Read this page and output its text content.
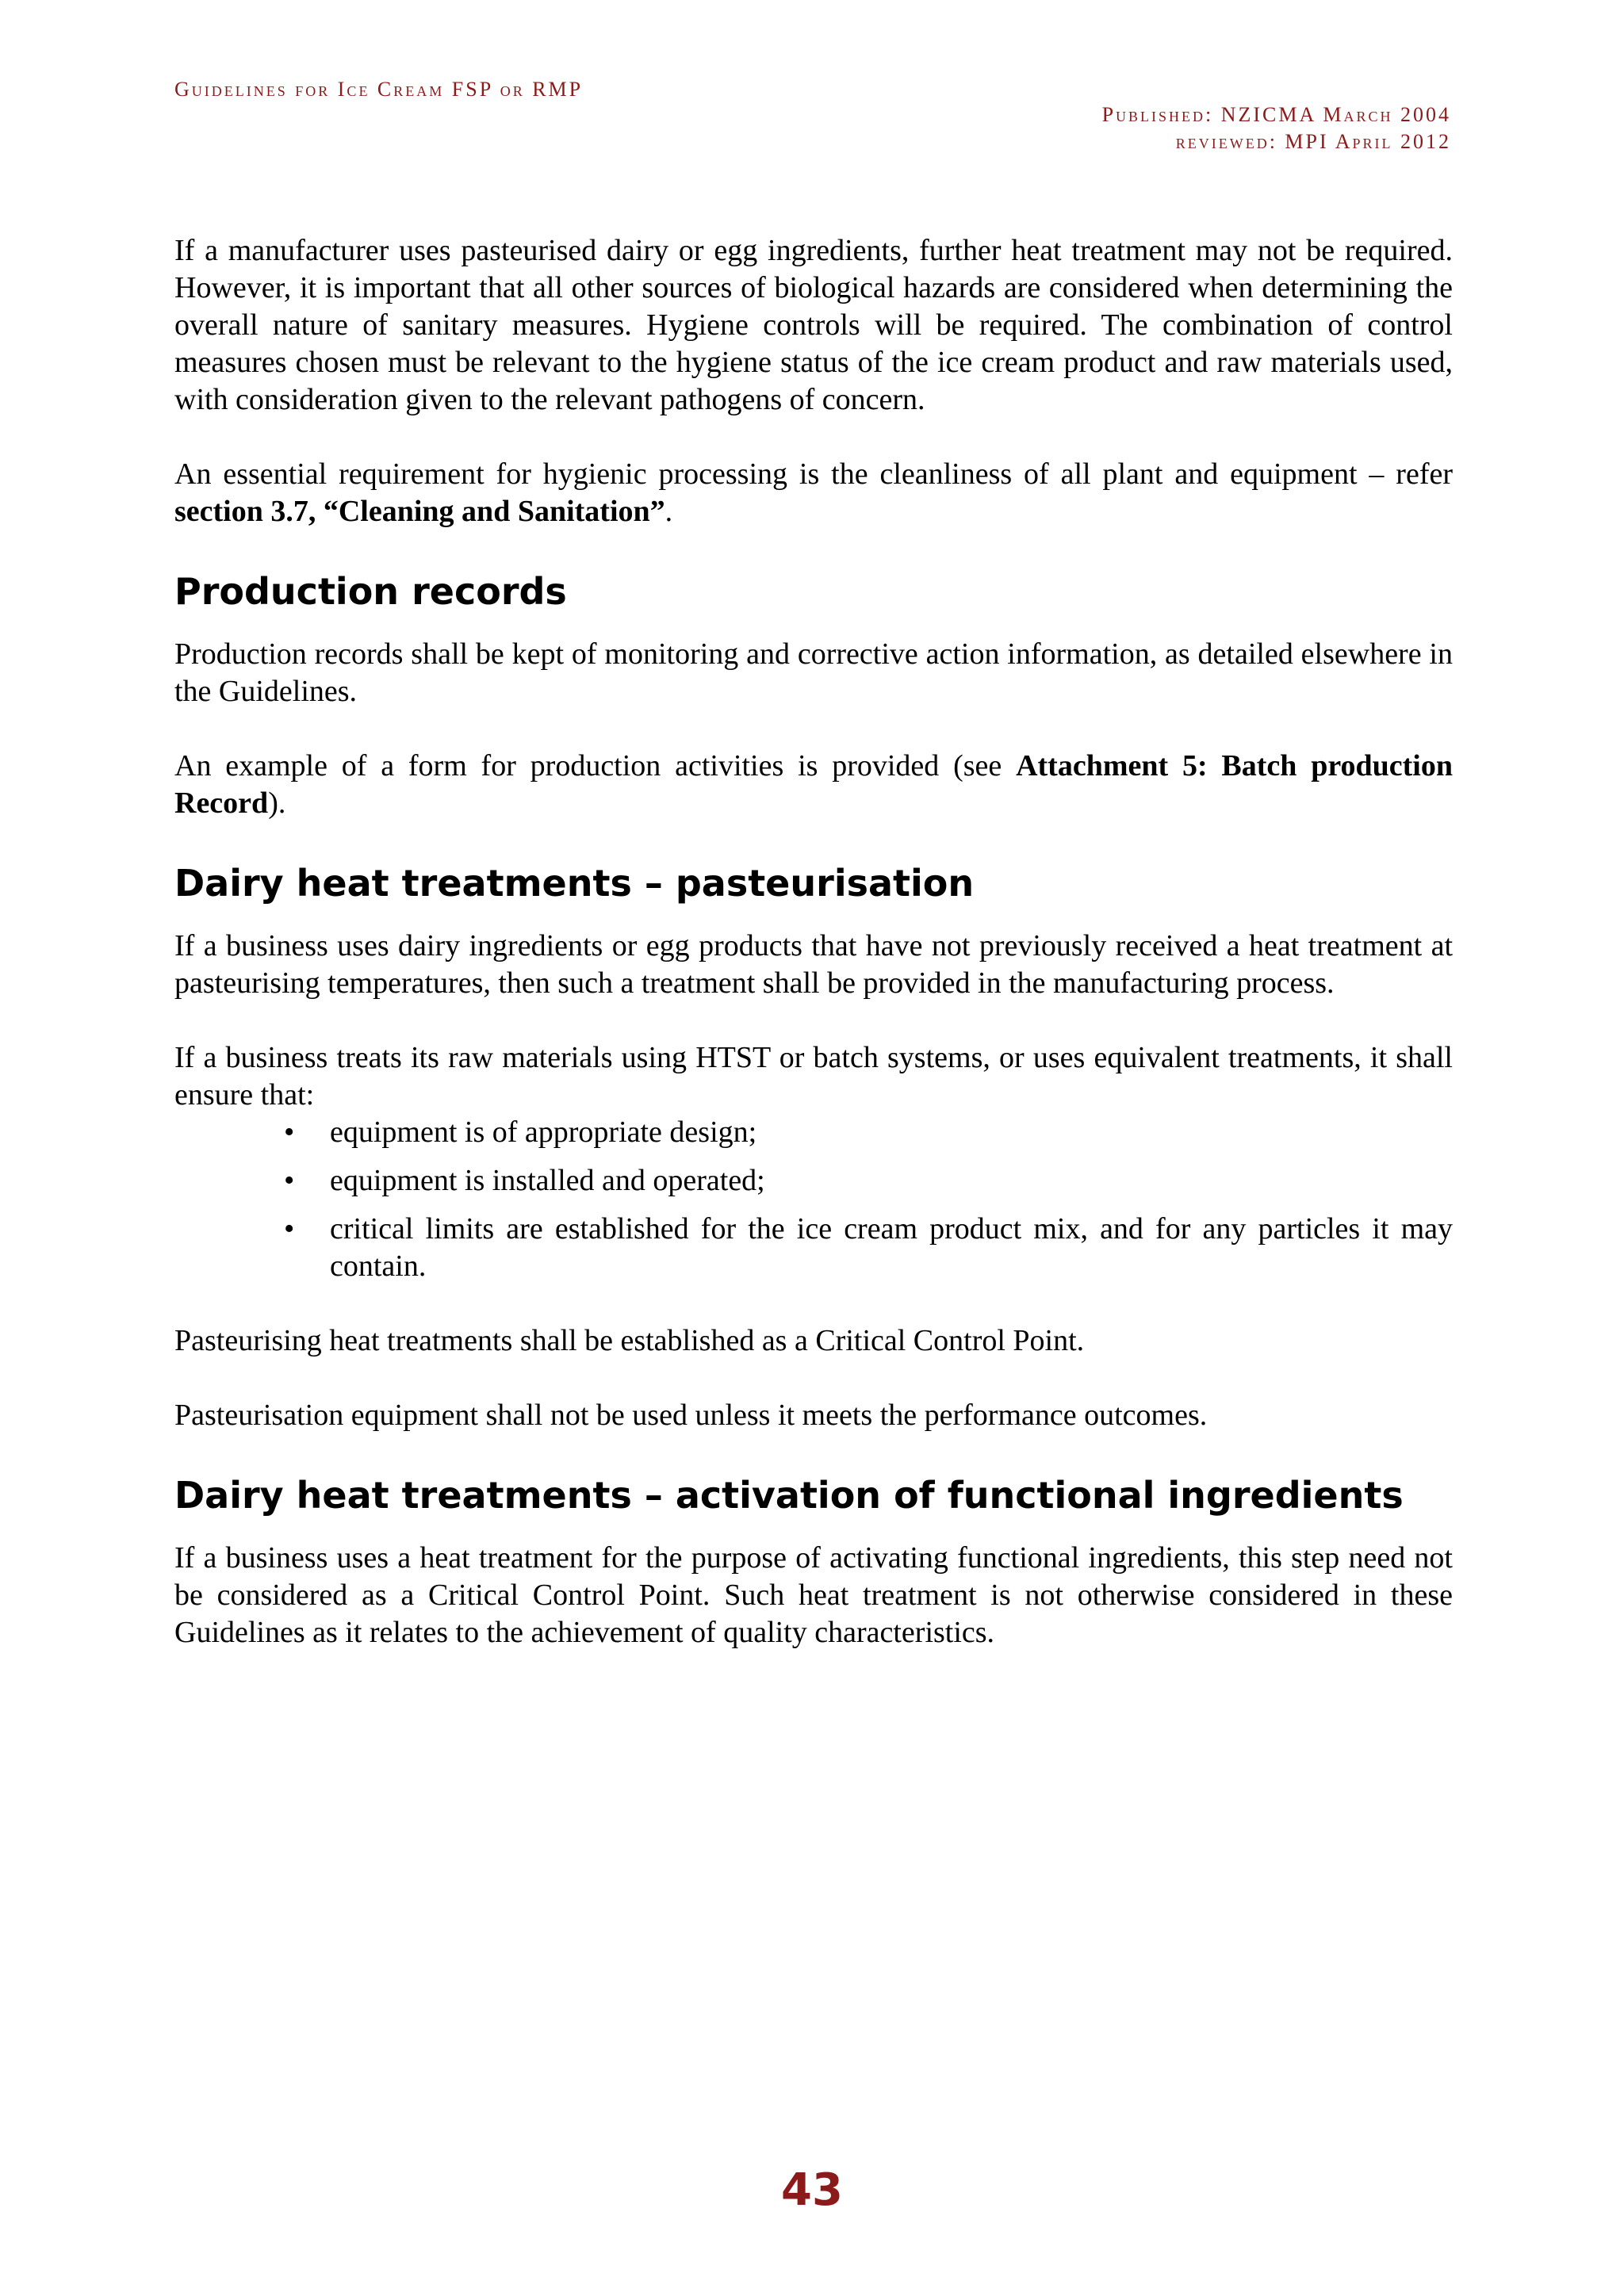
Guidelines for Ice Cream FSP or RMP
Published: NZICMA March 2004
reviewed: MPI April 2012

If a manufacturer uses pasteurised dairy or egg ingredients, further heat treatment may not be required. However, it is important that all other sources of biological hazards are considered when determining the overall nature of sanitary measures. Hygiene controls will be required. The combination of control measures chosen must be relevant to the hygiene status of the ice cream product and raw materials used, with consideration given to the relevant pathogens of concern.

An essential requirement for hygienic processing is the cleanliness of all plant and equipment – refer section 3.7, “Cleaning and Sanitation”.

Production records

Production records shall be kept of monitoring and corrective action information, as detailed elsewhere in the Guidelines.

An example of a form for production activities is provided (see Attachment 5: Batch production Record).

Dairy heat treatments – pasteurisation

If a business uses dairy ingredients or egg products that have not previously received a heat treatment at pasteurising temperatures, then such a treatment shall be provided in the manufacturing process.

If a business treats its raw materials using HTST or batch systems, or uses equivalent treatments, it shall ensure that:

• equipment is of appropriate design;
• equipment is installed and operated;
• critical limits are established for the ice cream product mix, and for any particles it may contain.

Pasteurising heat treatments shall be established as a Critical Control Point.

Pasteurisation equipment shall not be used unless it meets the performance outcomes.

Dairy heat treatments – activation of functional ingredients

If a business uses a heat treatment for the purpose of activating functional ingredients, this step need not be considered as a Critical Control Point. Such heat treatment is not otherwise considered in these Guidelines as it relates to the achievement of quality characteristics.

43
